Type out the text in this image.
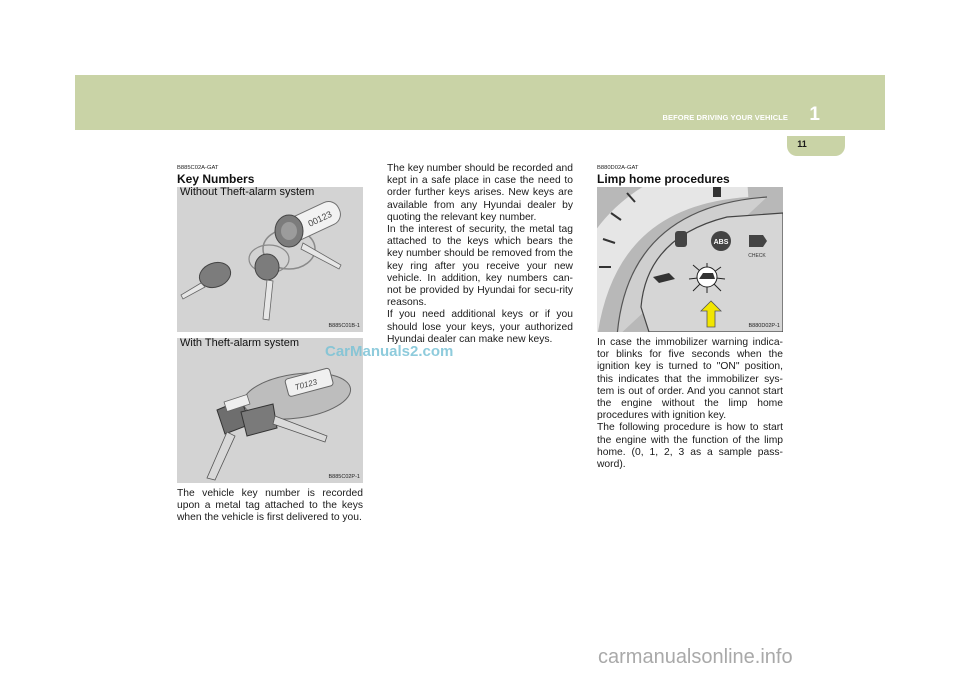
BEFORE DRIVING YOUR VEHICLE	1
11
B885C02A-GAT
Key Numbers
00123
Without Theft-alarm system
B885C01B-1
T0123
With Theft-alarm system
B885C02P-1
The vehicle key number is recorded upon a metal tag attached to the keys when the vehicle is first delivered to you.
The key number should be recorded and kept in a safe place in case the need to order further keys arises. New keys are available from any Hyundai dealer by quoting the relevant key number.
In the interest of security, the metal tag attached to the keys which bears the key number should be removed from the key ring after you receive your new vehicle. In addition, key numbers can-not be provided by Hyundai for secu-rity reasons.
If you need additional keys or if you should lose your keys, your authorized Hyundai dealer can make new keys.
B880D02A-GAT
Limp home procedures
ABS
CHECK
B880D02P-1
In case the immobilizer warning indica-tor blinks for five seconds when the ignition key is turned to "ON" position, this indicates that the immobilizer sys-tem is out of order. And you cannot start the engine without the limp home procedures with ignition key.
The following procedure is how to start the engine with the function of the limp home. (0, 1, 2, 3 as a sample pass-word).
CarManuals2.com
carmanualsonline.info
